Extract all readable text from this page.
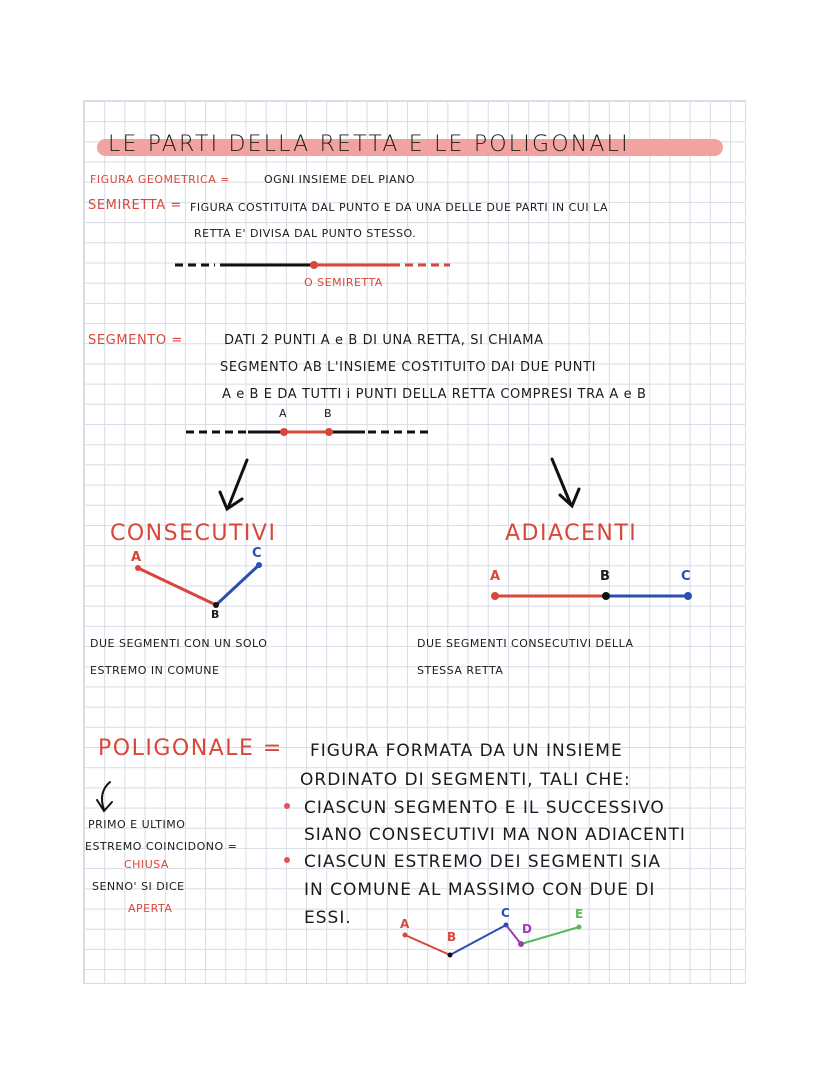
LE PARTI DELLA RETTA E LE POLIGONALI
FIGURA GEOMETRICA =	OGNI INSIEME DEL PIANO
SEMIRETTA = FIGURA COSTITUITA DAL PUNTO E DA UNA DELLE DUE PARTI IN CUI LA
RETTA E' DIVISA DAL PUNTO STESSO.
O SEMIRETTA
SEGMENTO =	DATI 2 PUNTI A e B DI UNA RETTA, SI CHIAMA
SEGMENTO AB L'INSIEME COSTITUITO DAI DUE PUNTI
A e B E DA TUTTI i PUNTI DELLA RETTA COMPRESI TRA A e B
A	B
CONSECUTIVI
A
B
C
DUE SEGMENTI CON UN SOLO
ESTREMO IN COMUNE
ADIACENTI
A	B	C
DUE SEGMENTI CONSECUTIVI DELLA
STESSA RETTA
POLIGONALE = FIGURA FORMATA DA UN INSIEME
ORDINATO DI SEGMENTI, TALI CHE:
CIASCUN SEGMENTO E IL SUCCESSIVO
SIANO CONSECUTIVI MA NON ADIACENTI
CIASCUN ESTREMO DEI SEGMENTI SIA
IN COMUNE AL MASSIMO CON DUE DI
ESSI.
PRIMO E ULTIMO
ESTREMO COINCIDONO =
CHIUSA
SENNO' SI DICE
APERTA
A
B
C
D
E
